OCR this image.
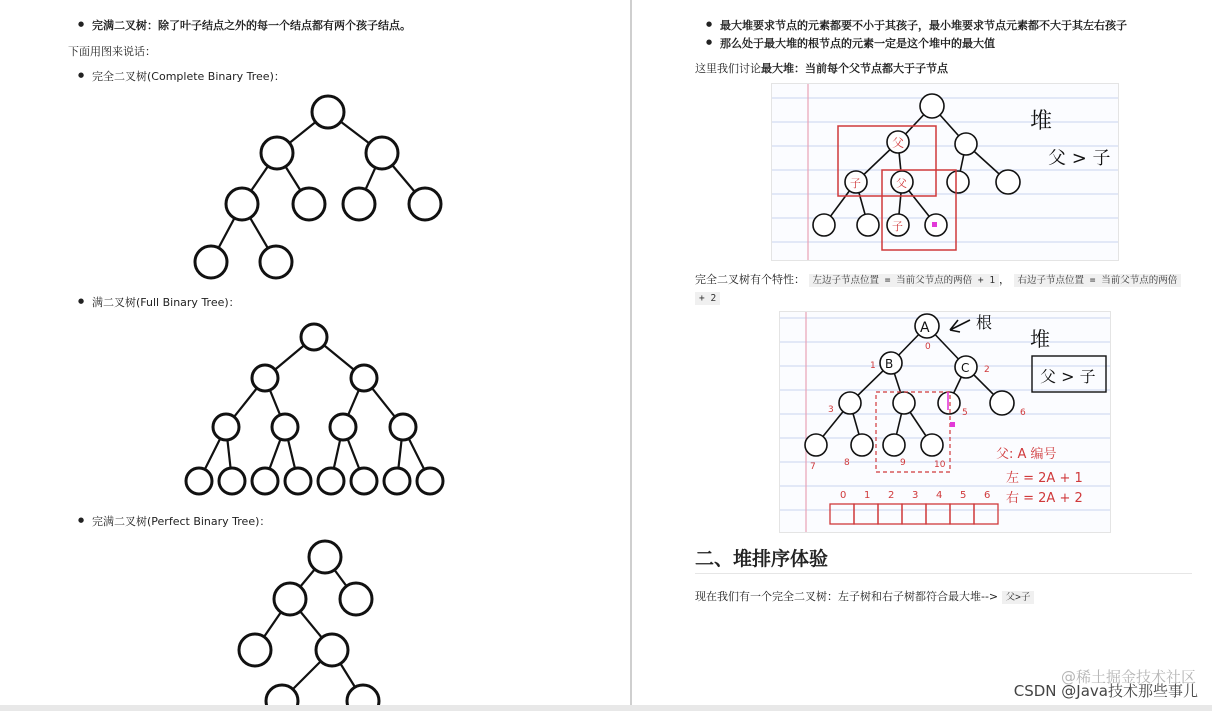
● 完满二叉树：除了叶子结点之外的每一个结点都有两个孩子结点。
下面用图来说话：
● 完全二叉树(Complete Binary Tree)：
● 满二叉树(Full Binary Tree)：
● 完满二叉树(Perfect Binary Tree)：
● 最大堆要求节点的元素都要不小于其孩子，最小堆要求节点元素都不大于其左右孩子
● 那么处于最大堆的根节点的元素一定是这个堆中的最大值
这里我们讨论最大堆：当前每个父节点都大于子节点
父
子	父
子
堆
父 > 子
完全二叉树有个特性： 左边子节点位置 = 当前父节点的两倍 + 1 ， 右边子节点位置 = 当前父节点的两倍
+ 2
A
B	C
根
堆
父 > 子
0
1	2
3	5	6
7	8	9	10
父: A 编号
左 = 2A + 1
右 = 2A + 2
0 1 2 3 4 5 6
二、堆排序体验
现在我们有一个完全二叉树：左子树和右子树都符合最大堆--> 父>子
@稀土掘金技术社区
CSDN @Java技术那些事儿
